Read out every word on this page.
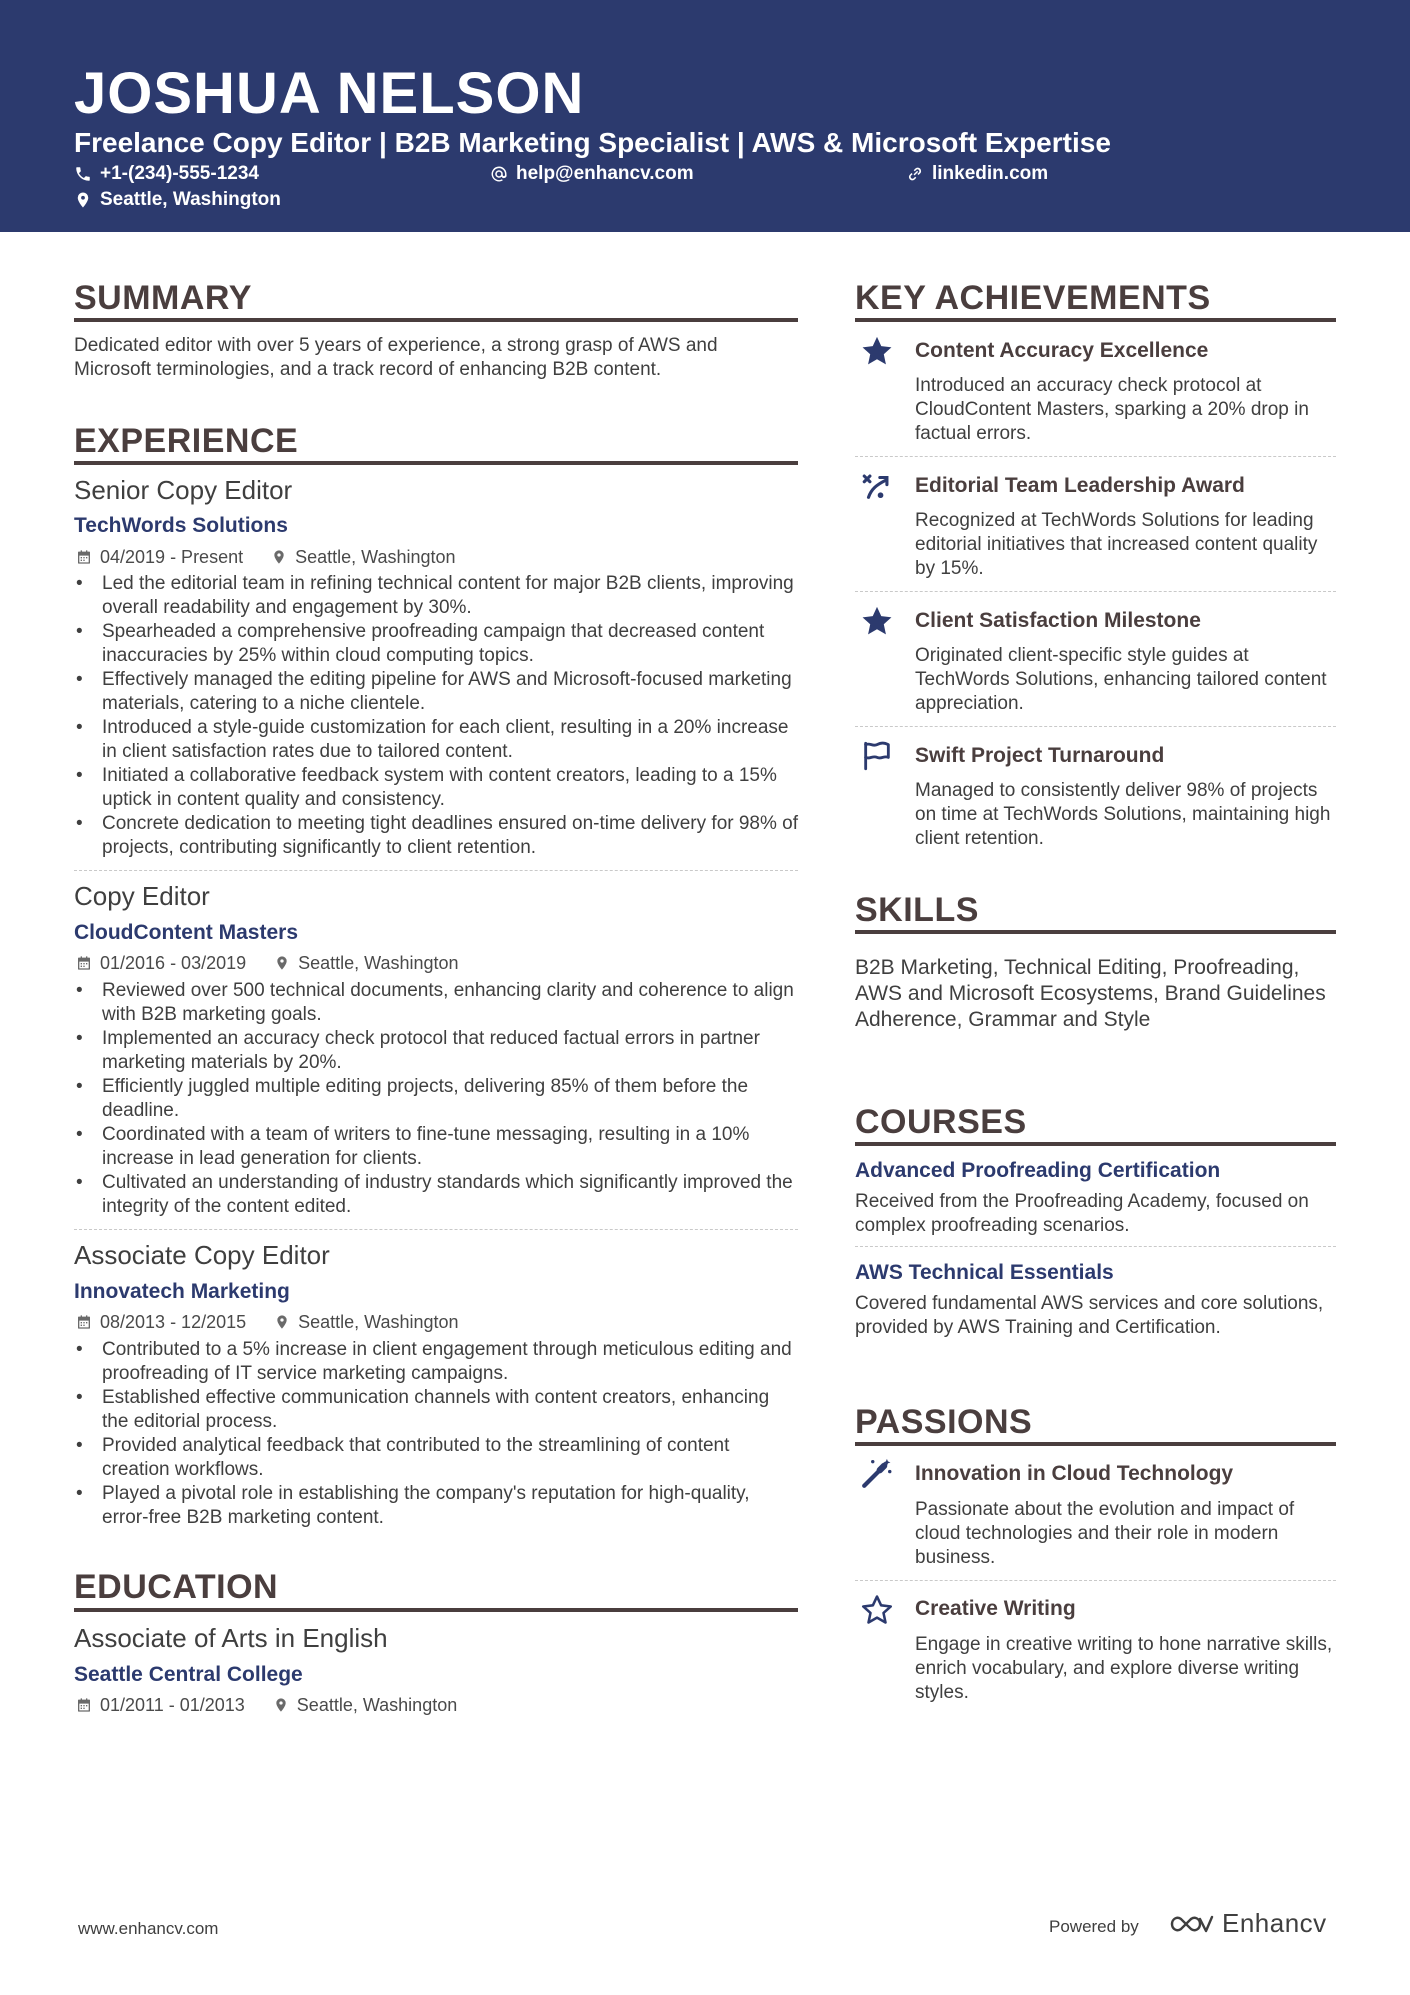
JOSHUA NELSON
Freelance Copy Editor | B2B Marketing Specialist | AWS & Microsoft Expertise
+1-(234)-555-1234	help@enhancv.com	linkedin.com
Seattle, Washington
SUMMARY
Dedicated editor with over 5 years of experience, a strong grasp of AWS and Microsoft terminologies, and a track record of enhancing B2B content.
EXPERIENCE
Senior Copy Editor
TechWords Solutions
04/2019 - Present	Seattle, Washington
• Led the editorial team in refining technical content for major B2B clients, improving overall readability and engagement by 30%.
• Spearheaded a comprehensive proofreading campaign that decreased content inaccuracies by 25% within cloud computing topics.
• Effectively managed the editing pipeline for AWS and Microsoft-focused marketing materials, catering to a niche clientele.
• Introduced a style-guide customization for each client, resulting in a 20% increase in client satisfaction rates due to tailored content.
• Initiated a collaborative feedback system with content creators, leading to a 15% uptick in content quality and consistency.
• Concrete dedication to meeting tight deadlines ensured on-time delivery for 98% of projects, contributing significantly to client retention.
Copy Editor
CloudContent Masters
01/2016 - 03/2019	Seattle, Washington
• Reviewed over 500 technical documents, enhancing clarity and coherence to align with B2B marketing goals.
• Implemented an accuracy check protocol that reduced factual errors in partner marketing materials by 20%.
• Efficiently juggled multiple editing projects, delivering 85% of them before the deadline.
• Coordinated with a team of writers to fine-tune messaging, resulting in a 10% increase in lead generation for clients.
• Cultivated an understanding of industry standards which significantly improved the integrity of the content edited.
Associate Copy Editor
Innovatech Marketing
08/2013 - 12/2015	Seattle, Washington
• Contributed to a 5% increase in client engagement through meticulous editing and proofreading of IT service marketing campaigns.
• Established effective communication channels with content creators, enhancing the editorial process.
• Provided analytical feedback that contributed to the streamlining of content creation workflows.
• Played a pivotal role in establishing the company's reputation for high-quality, error-free B2B marketing content.
EDUCATION
Associate of Arts in English
Seattle Central College
01/2011 - 01/2013	Seattle, Washington
KEY ACHIEVEMENTS
Content Accuracy Excellence
Introduced an accuracy check protocol at CloudContent Masters, sparking a 20% drop in factual errors.
Editorial Team Leadership Award
Recognized at TechWords Solutions for leading editorial initiatives that increased content quality by 15%.
Client Satisfaction Milestone
Originated client-specific style guides at TechWords Solutions, enhancing tailored content appreciation.
Swift Project Turnaround
Managed to consistently deliver 98% of projects on time at TechWords Solutions, maintaining high client retention.
SKILLS
B2B Marketing, Technical Editing, Proofreading, AWS and Microsoft Ecosystems, Brand Guidelines Adherence, Grammar and Style
COURSES
Advanced Proofreading Certification
Received from the Proofreading Academy, focused on complex proofreading scenarios.
AWS Technical Essentials
Covered fundamental AWS services and core solutions, provided by AWS Training and Certification.
PASSIONS
Innovation in Cloud Technology
Passionate about the evolution and impact of cloud technologies and their role in modern business.
Creative Writing
Engage in creative writing to hone narrative skills, enrich vocabulary, and explore diverse writing styles.
www.enhancv.com	Powered by	Enhancv
